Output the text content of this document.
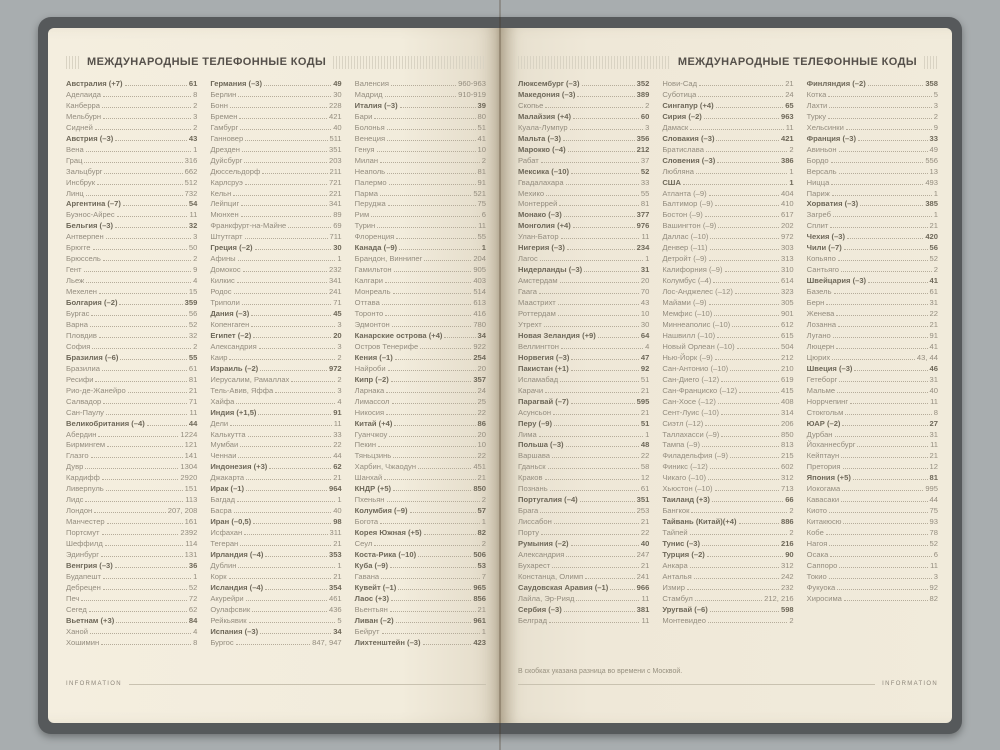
МЕЖДУНАРОДНЫЕ ТЕЛЕФОННЫЕ КОДЫ
Австралия (+7)	61
Аделаида	8
Канберра	2
Мельбурн	3
Сидней	2
Австрия (–3)	43
Вена	1
Грац	316
Зальцбург	662
Инсбрук	512
Линц	732
Аргентина (–7)	54
Буэнос-Айрес	11
Бельгия (–3)	32
Антверпен	3
Брюгге	50
Брюссель	2
Гент	9
Льеж	4
Мехелен	15
Болгария (–2)	359
Бургас	56
Варна	52
Пловдив	32
София	2
Бразилия (–6)	55
Бразилиа	61
Ресифи	81
Рио-де-Жанейро	21
Салвадор	71
Сан-Паулу	11
Великобритания (–4)	44
Абердин	1224
Бирмингем	121
Глазго	141
Дувр	1304
Кардифф	2920
Ливерпуль	151
Лидс	113
Лондон	207, 208
Манчестер	161
Портсмут	2392
Шеффилд	114
Эдинбург	131
Венгрия (–3)	36
Будапешт	1
Дебрецен	52
Печ	72
Сегед	62
Вьетнам (+3)	84
Ханой	4
Хошимин	8
Германия (–3)	49
Берлин	30
Бонн	228
Бремен	421
Гамбург	40
Ганновер	511
Дрезден	351
Дуйсбург	203
Дюссельдорф	211
Карлсруэ	721
Кельн	221
Лейпциг	341
Мюнхен	89
Франкфурт-на-Майне	69
Штутгарт	711
Греция (–2)	30
Афины	1
Домокос	232
Килкис	341
Родос	241
Триполи	71
Дания (–3)	45
Копенгаген	3
Египет (–2)	20
Александрия	3
Каир	2
Израиль (–2)	972
Иерусалим, Рамаллах	2
Тель-Авив, Яффа	3
Хайфа	4
Индия (+1,5)	91
Дели	11
Калькутта	33
Мумбаи	22
Ченнаи	44
Индонезия (+3)	62
Джакарта	21
Ирак (–1)	964
Багдад	1
Басра	40
Иран (–0,5)	98
Исфахан	311
Тегеран	21
Ирландия (–4)	353
Дублин	1
Корк	21
Исландия (–4)	354
Акурейри	461
Оулафсвик	436
Рейкьявик	5
Испания (–3)	34
Бургос	847, 947
Валенсия	960-963
Мадрид	910-919
Италия (–3)	39
Бари	80
Болонья	51
Венеция	41
Генуя	10
Милан	2
Неаполь	81
Палермо	91
Парма	521
Перуджа	75
Рим	6
Турин	11
Флоренция	55
Канада (–9)	1
Брандон, Виннипег	204
Гамильтон	905
Калгари	403
Монреаль	514
Оттава	613
Торонто	416
Эдмонтон	780
Канарские острова (+4)	34
Остров Тенерифе	922
Кения (–1)	254
Найроби	20
Кипр (–2)	357
Ларнака	24
Лимассол	25
Никосия	22
Китай (+4)	86
Гуанчжоу	20
Пекин	10
Тяньцзинь	22
Харбин, Чжаодун	451
Шанхай	21
КНДР (+5)	850
Пхеньян	2
Колумбия (–9)	57
Богота	1
Корея Южная (+5)	82
Сеул	2
Коста-Рика (–10)	506
Куба (–9)	53
Гавана	7
Кувейт (–1)	965
Лаос (+3)	856
Вьентьян	21
Ливан (–2)	961
Бейрут	1
Лихтенштейн (–3)	423
INFORMATION
МЕЖДУНАРОДНЫЕ ТЕЛЕФОННЫЕ КОДЫ
Люксембург (–3)	352
Македония (–3)	389
Скопье	2
Малайзия (+4)	60
Куала-Лумпур	3
Мальта (–3)	356
Марокко (–4)	212
Рабат	37
Мексика (–10)	52
Гвадалахара	33
Мехико	55
Монтеррей	81
Монако (–3)	377
Монголия (+4)	976
Улан-Батор	11
Нигерия (–3)	234
Лагос	1
Нидерланды (–3)	31
Амстердам	20
Гаага	70
Маастрихт	43
Роттердам	10
Утрехт	30
Новая Зеландия (+9)	64
Веллингтон	4
Норвегия (–3)	47
Пакистан (+1)	92
Исламабад	51
Карачи	21
Парагвай (–7)	595
Асунсьон	21
Перу (–9)	51
Лима	1
Польша (–3)	48
Варшава	22
Гданьск	58
Краков	12
Познань	61
Португалия (–4)	351
Брага	253
Лиссабон	21
Порту	22
Румыния (–2)	40
Александрия	247
Бухарест	21
Констанца, Олимп	241
Саудовская Аравия (–1)	966
Лайла, Эр-Рияд	11
Сербия (–3)	381
Белград	11
Нови-Сад	21
Суботица	24
Сингапур (+4)	65
Сирия (–2)	963
Дамаск	11
Словакия (–3)	421
Братислава	2
Словения (–3)	386
Любляна	1
США	1
Атланта (–9)	404
Балтимор (–9)	410
Бостон (–9)	617
Вашингтон (–9)	202
Даллас (–10)	972
Денвер (–11)	303
Детройт (–9)	313
Калифорния (–9)	310
Колумбус (–4)	614
Лос-Анджелес (–12)	323
Майами (–9)	305
Мемфис (–10)	901
Миннеаполис (–10)	612
Нашвилл (–10)	615
Новый Орлеан (–10)	504
Нью-Йорк (–9)	212
Сан-Антонио (–10)	210
Сан-Диего (–12)	619
Сан-Франциско (–12)	415
Сан-Хосе (–12)	408
Сент-Луис (–10)	314
Сиэтл (–12)	206
Таллахасси (–9)	850
Тампа (–9)	813
Филадельфия (–9)	215
Финикс (–12)	602
Чикаго (–10)	312
Хьюстон (–10)	713
Таиланд (+3)	66
Бангкок	2
Тайвань (Китай)(+4)	886
Тайпей	2
Тунис (–3)	216
Турция (–2)	90
Анкара	312
Анталья	242
Измир	232
Стамбул	212, 216
Уругвай (–6)	598
Монтевидео	2
Финляндия (–2)	358
Котка	5
Лахти	3
Турку	2
Хельсинки	9
Франция (–3)	33
Авиньон	49
Бордо	556
Версаль	13
Ницца	493
Париж	1
Хорватия (–3)	385
Загреб	1
Сплит	21
Чехия (–3)	420
Чили (–7)	56
Копьяпо	52
Сантьяго	2
Швейцария (–3)	41
Базель	61
Берн	31
Женева	22
Лозанна	21
Лугано	91
Люцерн	41
Цюрих	43, 44
Швеция (–3)	46
Гетеборг	31
Мальме	40
Норрчепинг	11
Стокгольм	8
ЮАР (–2)	27
Дурбан	31
Йоханнесбург	11
Кейптаун	21
Претория	12
Япония (+5)	81
Иокогама	995
Кавасаки	44
Киото	75
Китакюсю	93
Кобе	78
Нагоя	52
Осака	6
Саппоро	11
Токио	3
Фукуока	92
Хиросима	82
В скобках указана разница во времени с Москвой.
INFORMATION
